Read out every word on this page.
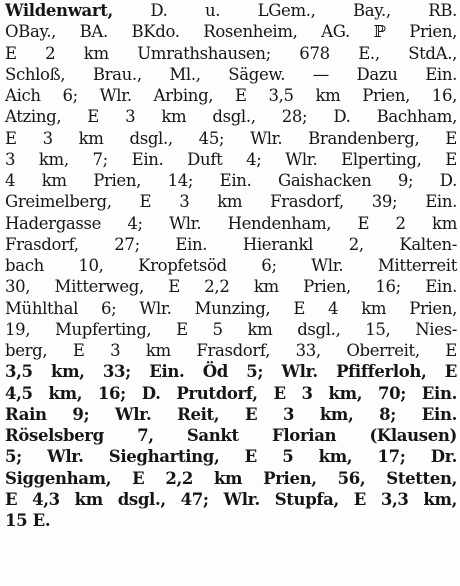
Wildenwart, D. u. LGem., Bay., RB.
OBay., BA. BKdo. Rosenheim, AG. ℙ Prien,
E 2 km Umrathshausen; 678 E., StdA.,
Schloß, Brau., Ml., Sägew. — Dazu Ein.
Aich 6; Wlr. Arbing, E 3,5 km Prien, 16,
Atzing, E 3 km dsgl., 28; D. Bachham,
E 3 km dsgl., 45; Wlr. Brandenberg, E
3 km, 7; Ein. Duft 4; Wlr. Elperting, E
4 km Prien, 14; Ein. Gaishacken 9; D.
Greimelberg, E 3 km Frasdorf, 39; Ein.
Hadergasse 4; Wlr. Hendenham, E 2 km
Frasdorf, 27; Ein. Hierankl 2, Kalten-
bach 10, Kropfetsöd 6; Wlr. Mitterreit
30, Mitterweg, E 2,2 km Prien, 16; Ein.
Mühlthal 6; Wlr. Munzing, E 4 km Prien,
19, Mupferting, E 5 km dsgl., 15, Nies-
berg, E 3 km Frasdorf, 33, Oberreit, E
3,5 km, 33; Ein. Öd 5; Wlr. Pfifferloh, E
4,5 km, 16; D. Prutdorf, E 3 km, 70; Ein.
Rain 9; Wlr. Reit, E 3 km, 8; Ein.
Röselsberg 7, Sankt Florian (Klausen)
5; Wlr. Siegharting, E 5 km, 17; Dr.
Siggenham, E 2,2 km Prien, 56, Stetten,
E 4,3 km dsgl., 47; Wlr. Stupfa, E 3,3 km,
15 E.
